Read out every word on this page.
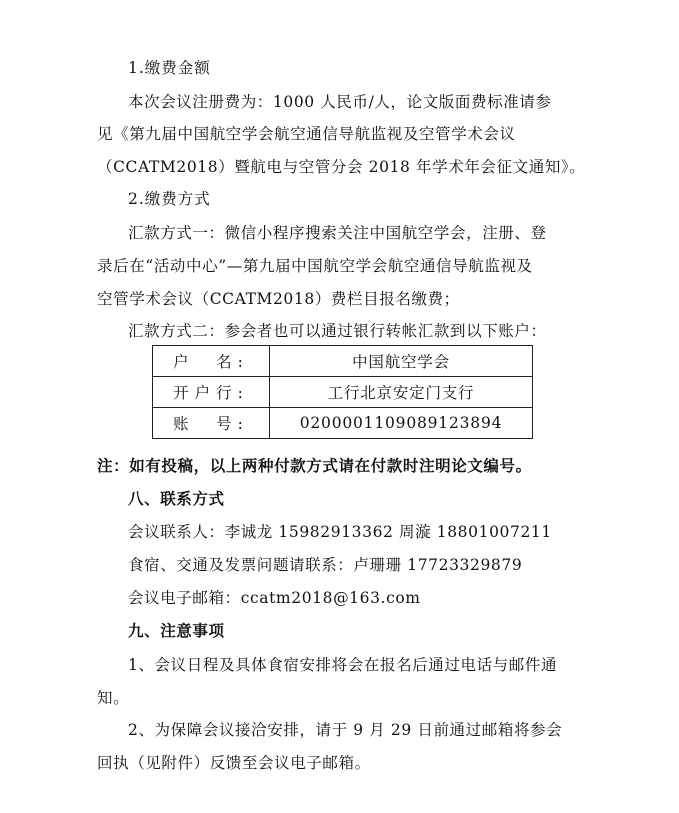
1.缴费金额
本次会议注册费为：1000 人民币/人，论文版面费标准请参
见《第九届中国航空学会航空通信导航监视及空管学术会议
（CCATM2018）暨航电与空管分会 2018 年学术年会征文通知》。
2.缴费方式
汇款方式一：微信小程序搜索关注中国航空学会，注册、登
录后在“活动中心”—第九届中国航空学会航空通信导航监视及
空管学术会议（CCATM2018）费栏目报名缴费；
汇款方式二：参会者也可以通过银行转帐汇款到以下账户：
户　名:	中国航空学会
开户行:	工行北京安定门支行
账　号:	0200001109089123894
注：如有投稿，以上两种付款方式请在付款时注明论文编号。
八、联系方式
会议联系人：李诚龙 15982913362 周漩 18801007211
食宿、交通及发票问题请联系：卢珊珊 17723329879
会议电子邮箱：ccatm2018@163.com
九、注意事项
1、会议日程及具体食宿安排将会在报名后通过电话与邮件通
知。
2、为保障会议接洽安排，请于 9 月 29 日前通过邮箱将参会
回执（见附件）反馈至会议电子邮箱。
